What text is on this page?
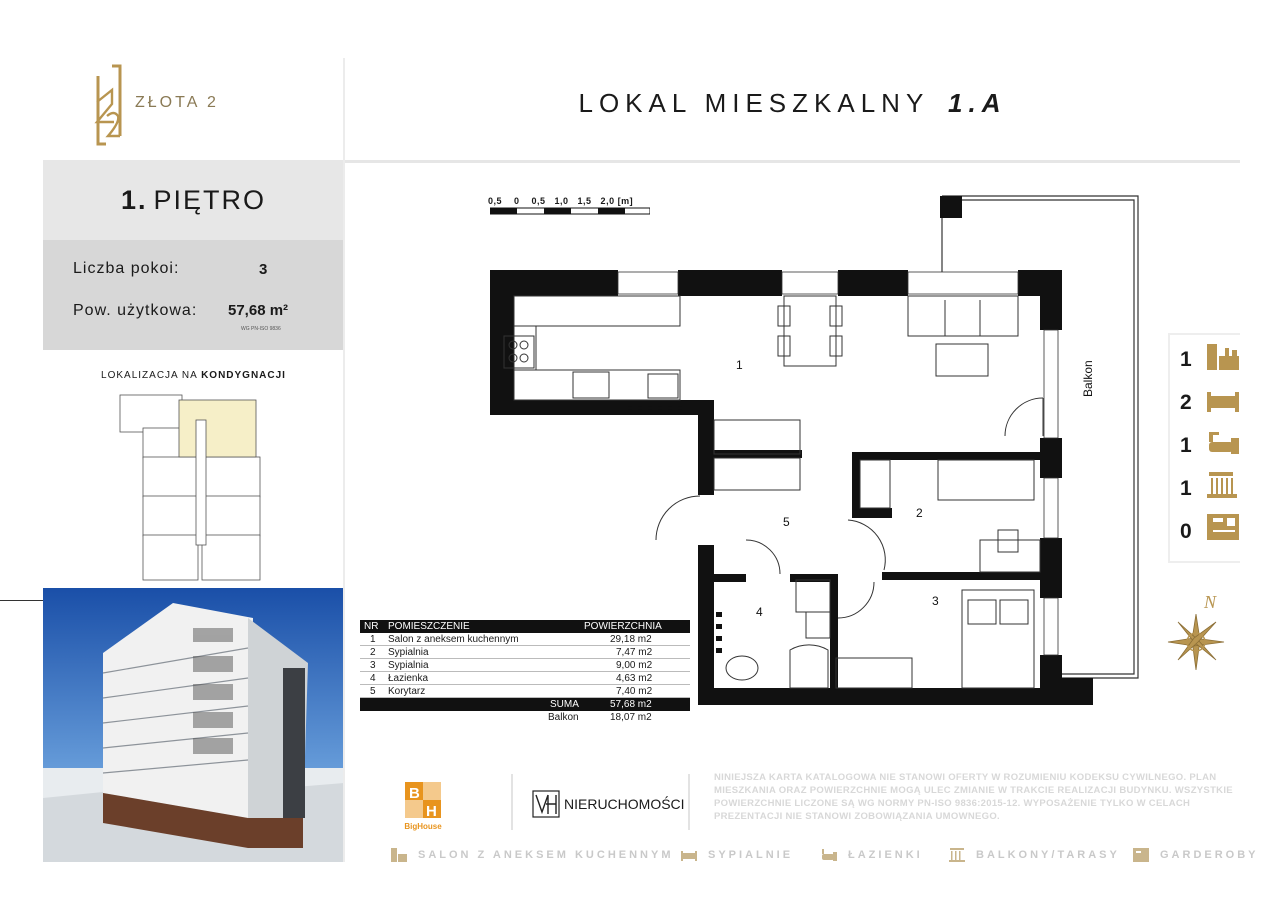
ZŁOTA 2
1. PIĘTRO
Liczba pokoi:	3
Pow. użytkowa: 57,68 m²
WG PN-ISO 9836
LOKALIZACJA NA KONDYGNACJI
LOKAL MIESZKALNY 1.A
0,5    0    0,5   1,0   1,5   2,0 [m]
1
2
3
4
5
Balkon
NR POMIESZCZENIE	POWIERZCHNIA
1 Salon z aneksem kuchennym	29,18 m2
2 Sypialnia	7,47 m2
3 Sypialnia	9,00 m2
4 Łazienka	4,63 m2
5 Korytarz	7,40 m2
SUMA	57,68 m2
Balkon	18,07 m2
1
2
1
1
0
N
B
H
BigHouse
NIERUCHOMOŚCI
NINIEJSZA KARTA KATALOGOWA NIE STANOWI OFERTY W ROZUMIENIU KODEKSU CYWILNEGO. PLAN MIESZKANIA ORAZ POWIERZCHNIE MOGĄ ULEC ZMIANIE W TRAKCIE REALIZACJI BUDYNKU. WSZYSTKIE POWIERZCHNIE LICZONE SĄ WG NORMY PN-ISO 9836:2015-12. WYPOSAŻENIE TYLKO W CELACH PREZENTACJI NIE STANOWI ZOBOWIĄZANIA UMOWNEGO.
SALON Z ANEKSEM KUCHENNYM	SYPIALNIE	ŁAZIENKI	BALKONY/TARASY	GARDEROBY
